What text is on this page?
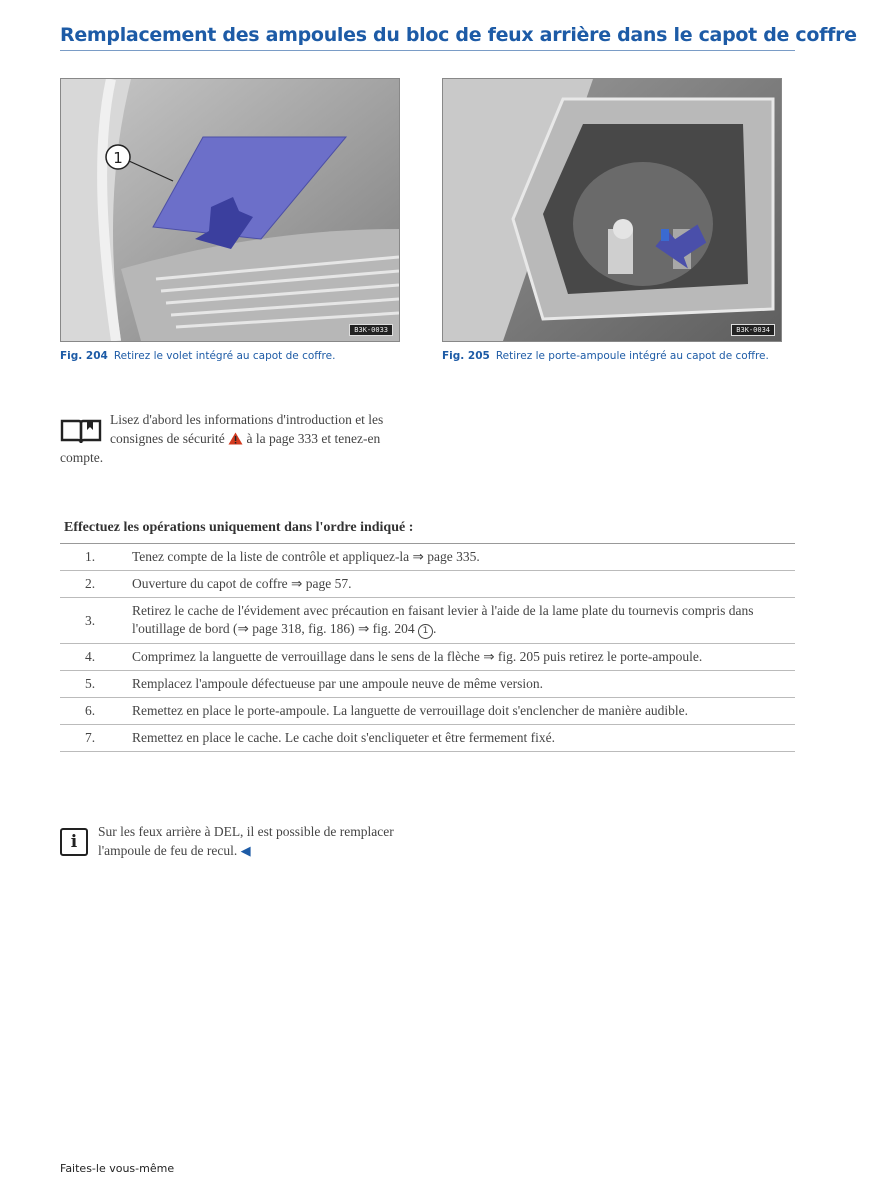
Remplacement des ampoules du bloc de feux arrière dans le capot de coffre
1
B3K-0033	B3K-0034
Fig. 204 Retirez le volet intégré au capot de coffre.	Fig. 205 Retirez le porte-ampoule intégré au capot de coffre.
Lisez d'abord les informations d'introduction et les consignes de sécurité à la page 333 et tenez-en compte.
Effectuez les opérations uniquement dans l'ordre indiqué :
1.	Tenez compte de la liste de contrôle et appliquez-la ⇒ page 335.
2.	Ouverture du capot de coffre ⇒ page 57.
3.
Retirez le cache de l'évidement avec précaution en faisant levier à l'aide de la lame plate du tournevis compris dans l'outillage de bord (⇒ page 318, fig. 186) ⇒ fig. 204 1 .
4.	Comprimez la languette de verrouillage dans le sens de la flèche ⇒ fig. 205 puis retirez le porte-ampoule.
5.	Remplacez l'ampoule défectueuse par une ampoule neuve de même version.
6.	Remettez en place le porte-ampoule. La languette de verrouillage doit s'enclencher de manière audible.
7.	Remettez en place le cache. Le cache doit s'encliqueter et être fermement fixé.
i
Sur les feux arrière à DEL, il est possible de remplacer l'ampoule de feu de recul. ◀
Faites-le vous-même
